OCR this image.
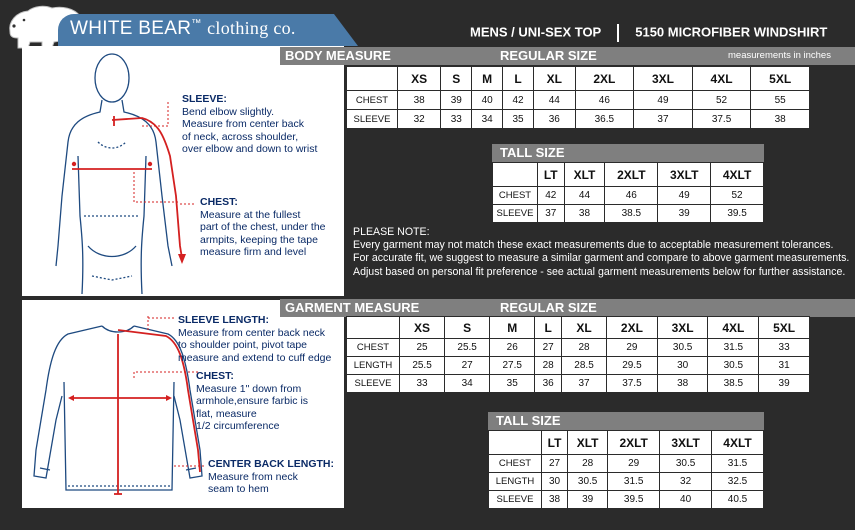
WHITE BEAR™ clothing co.	MENS / UNI-SEX TOP	5150 MICROFIBER WINDSHIRT
SLEEVE:
Bend elbow slightly.
Measure from center back
of neck, across shoulder,
over elbow and down to wrist
CHEST:
Measure at the fullest
part of the chest, under the
armpits, keeping the tape
measure firm and level
BODY MEASURE	REGULAR SIZE	measurements in inches
	XS	S	M	L	XL	2XL	3XL	4XL	5XL
CHEST	38	39	40	42	44	46	49	52	55
SLEEVE	32	33	34	35	36	36.5	37	37.5	38
TALL SIZE
	LT	XLT	2XLT	3XLT	4XLT
CHEST	42	44	46	49	52
SLEEVE	37	38	38.5	39	39.5
PLEASE NOTE:
Every garment may not match these exact measurements due to acceptable measurement tolerances.
For accurate fit, we suggest to measure a similar garment and compare to above garment measurements.
Adjust based on personal fit preference - see actual garment measurements below for further assistance.
SLEEVE LENGTH:
Measure from center back neck
to shoulder point, pivot tape
measure and extend to cuff edge
CHEST:
Measure 1" down from
armhole,ensure farbic is
flat, measure
1/2 circumference
CENTER BACK LENGTH:
Measure from neck
seam to hem
GARMENT MEASURE	REGULAR SIZE
	XS	S	M	L	XL	2XL	3XL	4XL	5XL
CHEST	25	25.5	26	27	28	29	30.5	31.5	33
LENGTH	25.5	27	27.5	28	28.5	29.5	30	30.5	31
SLEEVE	33	34	35	36	37	37.5	38	38.5	39
TALL SIZE
	LT	XLT	2XLT	3XLT	4XLT
CHEST	27	28	29	30.5	31.5
LENGTH	30	30.5	31.5	32	32.5
SLEEVE	38	39	39.5	40	40.5
